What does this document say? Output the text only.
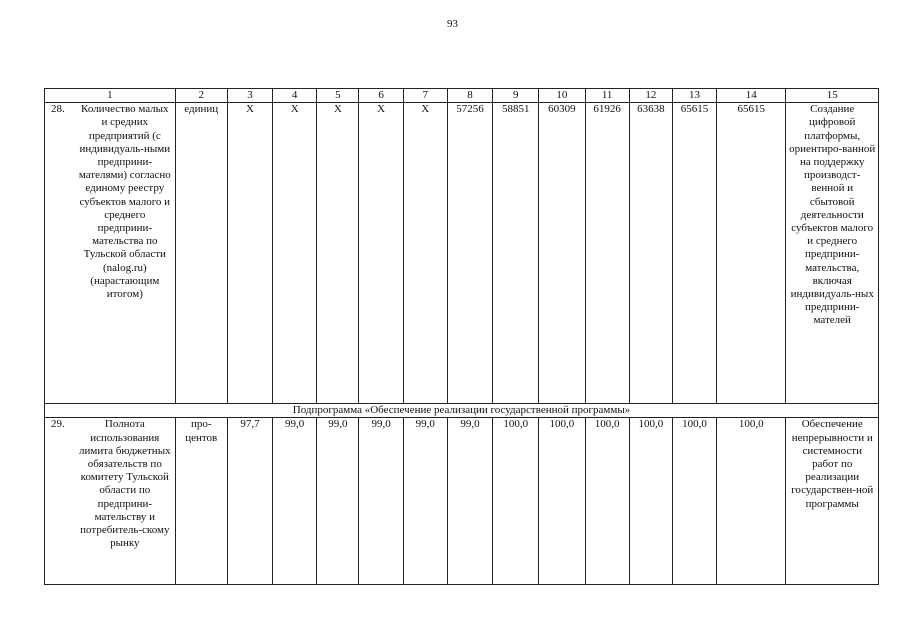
93
1	2	3	4	5	6	7	8	9	10	11	12	13	14	15

28. Количество малых и средних предприятий (с индивидуаль-ными предприни-мателями) согласно единому реестру субъектов малого и среднего предприни-мательства по Тульской области (nalog.ru) (нарастающим итогом)	единиц	X	X	X	X	X	57256	58851	60309	61926	63638	65615	65615	Создание цифровой платформы, ориентиро-ванной на поддержку производст-венной и сбытовой деятельности субъектов малого и среднего предприни-мательства, включая индивидуаль-ных предприни-мателей
Подпрограмма «Обеспечение реализации государственной программы»														

29. Полнота использования лимита бюджетных обязательств по комитету Тульской области по предприни-мательству и потребитель-скому рынку	про-центов	97,7	99,0	99,0	99,0	99,0	99,0	100,0	100,0	100,0	100,0	100,0	100,0	Обеспечение непрерывности и системности работ по реализации государствен-ной программы
